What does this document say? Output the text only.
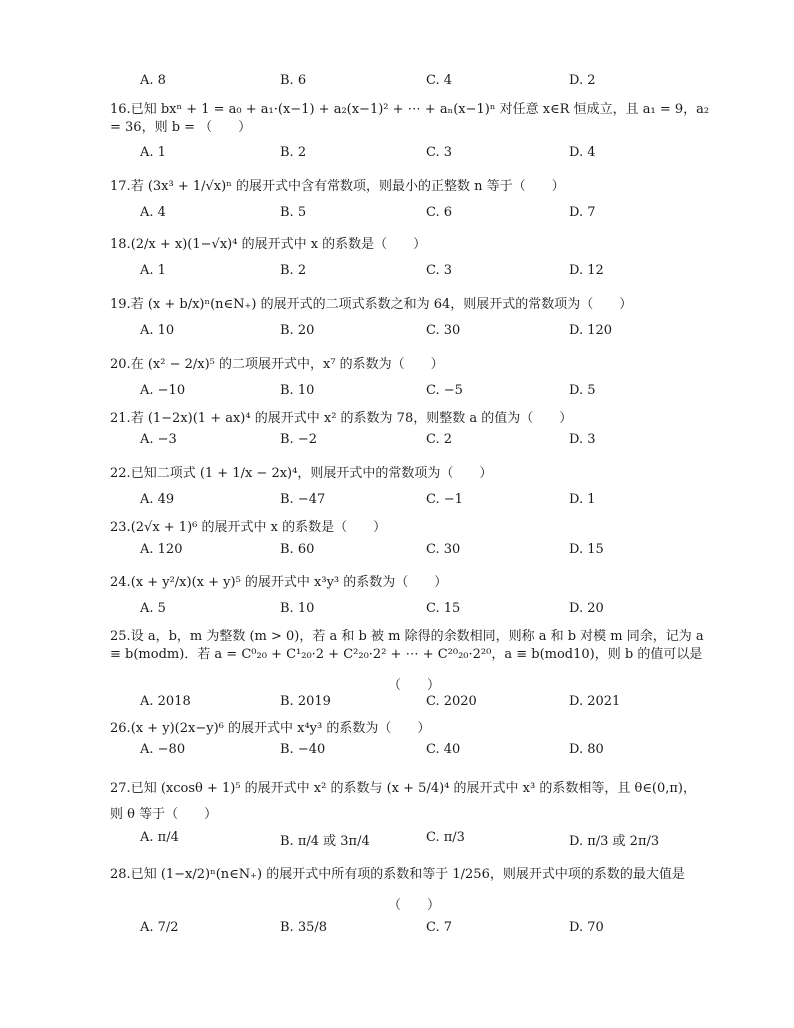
A. 8	B. 6	C. 4	D. 2
16.已知 bxⁿ + 1 = a₀ + a₁·(x−1) + a₂(x−1)² + ⋯ + aₙ(x−1)ⁿ 对任意 x∈R 恒成立，且 a₁ = 9，a₂ = 36，则 b = （　　）
A. 1	B. 2	C. 3	D. 4
17.若 (3x³ + 1/√x)ⁿ 的展开式中含有常数项，则最小的正整数 n 等于（　　）
A. 4	B. 5	C. 6	D. 7
18.(2/x + x)(1−√x)⁴ 的展开式中 x 的系数是（　　）
A. 1	B. 2	C. 3	D. 12
19.若 (x + b/x)ⁿ(n∈N₊) 的展开式的二项式系数之和为 64，则展开式的常数项为（　　）
A. 10	B. 20	C. 30	D. 120
20.在 (x² − 2/x)⁵ 的二项展开式中，x⁷ 的系数为（　　）
A. −10	B. 10	C. −5	D. 5
21.若 (1−2x)(1 + ax)⁴ 的展开式中 x² 的系数为 78，则整数 a 的值为（　　）
A. −3	B. −2	C. 2	D. 3
22.已知二项式 (1 + 1/x − 2x)⁴，则展开式中的常数项为（　　）
A. 49	B. −47	C. −1	D. 1
23.(2√x + 1)⁶ 的展开式中 x 的系数是（　　）
A. 120	B. 60	C. 30	D. 15
24.(x + y²/x)(x + y)⁵ 的展开式中 x³y³ 的系数为（　　）
A. 5	B. 10	C. 15	D. 20
25.设 a，b，m 为整数 (m > 0)，若 a 和 b 被 m 除得的余数相同，则称 a 和 b 对模 m 同余，记为 a ≡ b(modm)．若 a = C⁰₂₀ + C¹₂₀·2 + C²₂₀·2² + ⋯ + C²⁰₂₀·2²⁰，a ≡ b(mod10)，则 b 的值可以是
（　　）
A. 2018	B. 2019	C. 2020	D. 2021
26.(x + y)(2x−y)⁶ 的展开式中 x⁴y³ 的系数为（　　）
A. −80	B. −40	C. 40	D. 80
27.已知 (xcosθ + 1)⁵ 的展开式中 x² 的系数与 (x + 5/4)⁴ 的展开式中 x³ 的系数相等，且 θ∈(0,π)，则 θ 等于（　　）
A. π/4	B. π/4 或 3π/4	C. π/3	D. π/3 或 2π/3
28.已知 (1−x/2)ⁿ(n∈N₊) 的展开式中所有项的系数和等于 1/256，则展开式中项的系数的最大值是
（　　）
A. 7/2	B. 35/8	C. 7	D. 70
